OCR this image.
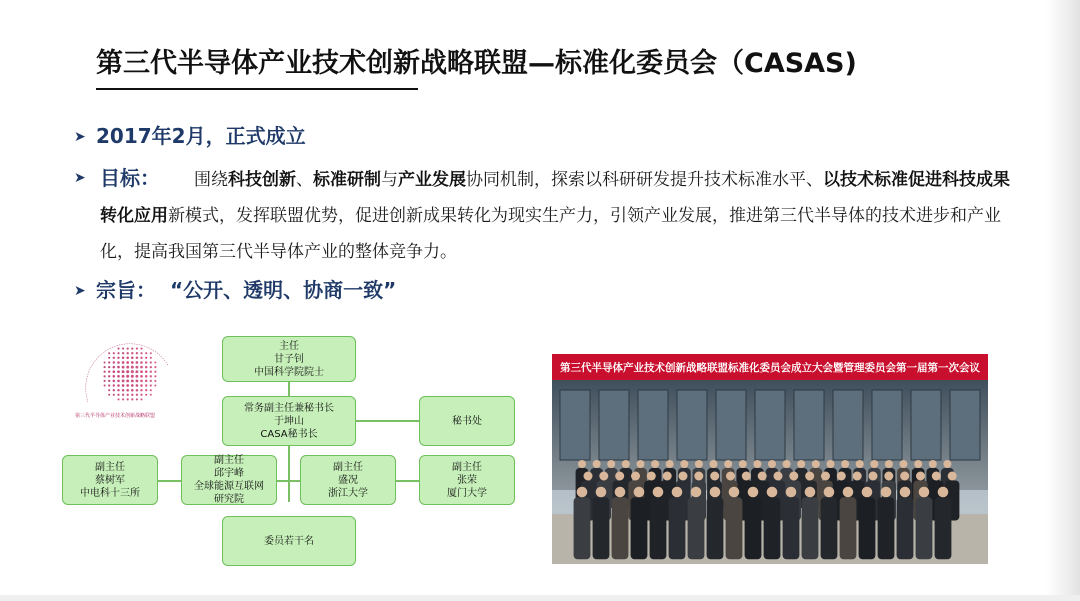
第三代半导体产业技术创新战略联盟—标准化委员会（CASAS)
➤ 2017年2月，正式成立
➤ 目标： 围绕科技创新、标准研制与产业发展协同机制，探索以科研研发提升技术标准水平、以技术标准促进科技成果转化应用新模式，发挥联盟优势，促进创新成果转化为现实生产力，引领产业发展，推进第三代半导体的技术进步和产业化，提高我国第三代半导体产业的整体竞争力。
➤ 宗旨： “公开、透明、协商一致”
第三代半导体产业技术创新战略联盟
主任
甘子钊
中国科学院院士
常务副主任兼秘书长
于坤山
CASA秘书长
秘书处
副主任
蔡树军
中电科十三所
副主任
邱宇峰
全球能源互联网
研究院
副主任
盛况
浙江大学
副主任
张荣
厦门大学
委员若干名
第三代半导体产业技术创新战略联盟标准化委员会成立大会暨管理委员会第一届第一次会议
